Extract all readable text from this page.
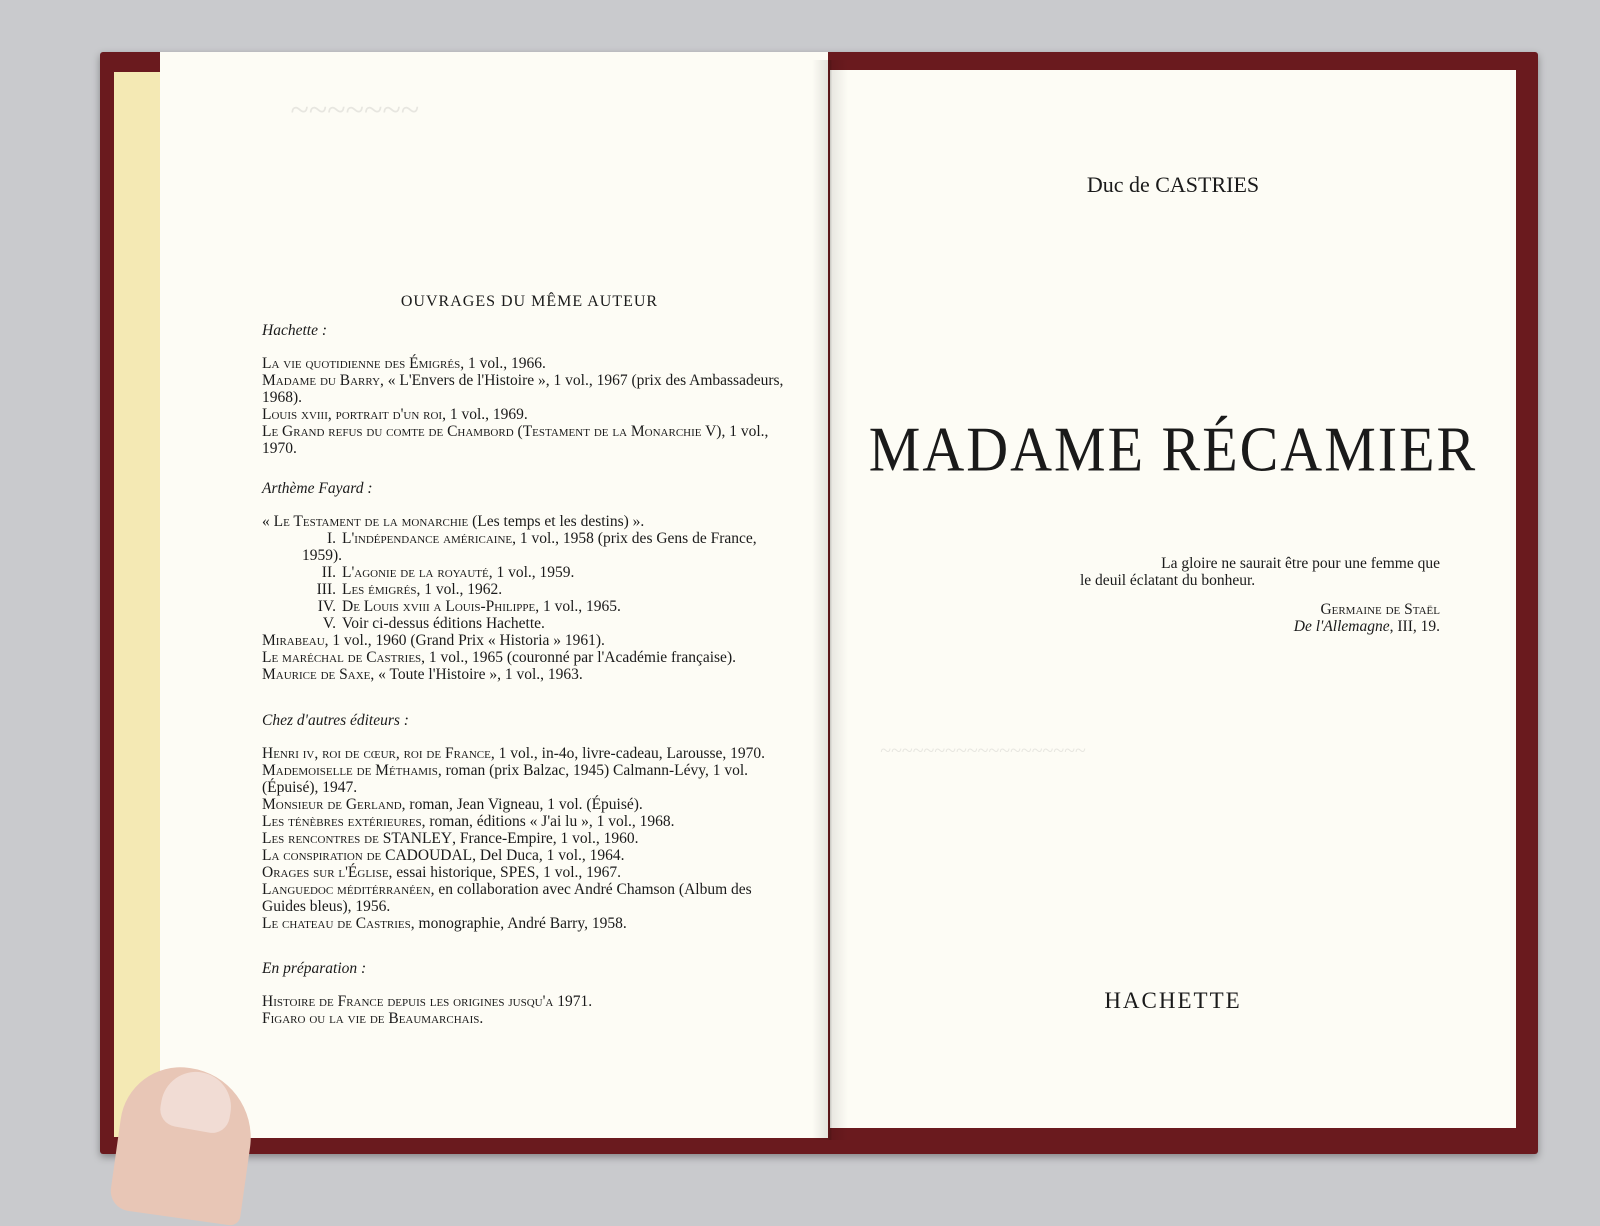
OUVRAGES DU MÊME AUTEUR
Hachette :
La vie quotidienne des Émigrés, 1 vol., 1966.
Madame du Barry, « L'Envers de l'Histoire », 1 vol., 1967 (prix des Ambassadeurs, 1968).
Louis xviii, portrait d'un roi, 1 vol., 1969.
Le Grand refus du comte de Chambord (Testament de la Monarchie V), 1 vol., 1970.
Arthème Fayard :
« Le Testament de la monarchie (Les temps et les destins) ».
I. L'indépendance américaine, 1 vol., 1958 (prix des Gens de France, 1959).
II. L'agonie de la royauté, 1 vol., 1959.
III. Les émigrés, 1 vol., 1962.
IV. De Louis xviii a Louis-Philippe, 1 vol., 1965.
V. Voir ci-dessus éditions Hachette.
Mirabeau, 1 vol., 1960 (Grand Prix « Historia » 1961).
Le maréchal de Castries, 1 vol., 1965 (couronné par l'Académie française).
Maurice de Saxe, « Toute l'Histoire », 1 vol., 1963.
Chez d'autres éditeurs :
Henri iv, roi de cœur, roi de France, 1 vol., in-4o, livre-cadeau, Larousse, 1970.
Mademoiselle de Méthamis, roman (prix Balzac, 1945) Calmann-Lévy, 1 vol. (Épuisé), 1947.
Monsieur de Gerland, roman, Jean Vigneau, 1 vol. (Épuisé).
Les ténèbres extérieures, roman, éditions « J'ai lu », 1 vol., 1968.
Les rencontres de STANLEY, France-Empire, 1 vol., 1960.
La conspiration de CADOUDAL, Del Duca, 1 vol., 1964.
Orages sur l'Église, essai historique, SPES, 1 vol., 1967.
Languedoc méditérranéen, en collaboration avec André Chamson (Album des Guides bleus), 1956.
Le chateau de Castries, monographie, André Barry, 1958.
En préparation :
Histoire de France depuis les origines jusqu'a 1971.
Figaro ou la vie de Beaumarchais.
Duc de CASTRIES
MADAME RÉCAMIER
La gloire ne saurait être pour une femme que
le deuil éclatant du bonheur.
Germaine de Staël
De l'Allemagne, III, 19.
HACHETTE
